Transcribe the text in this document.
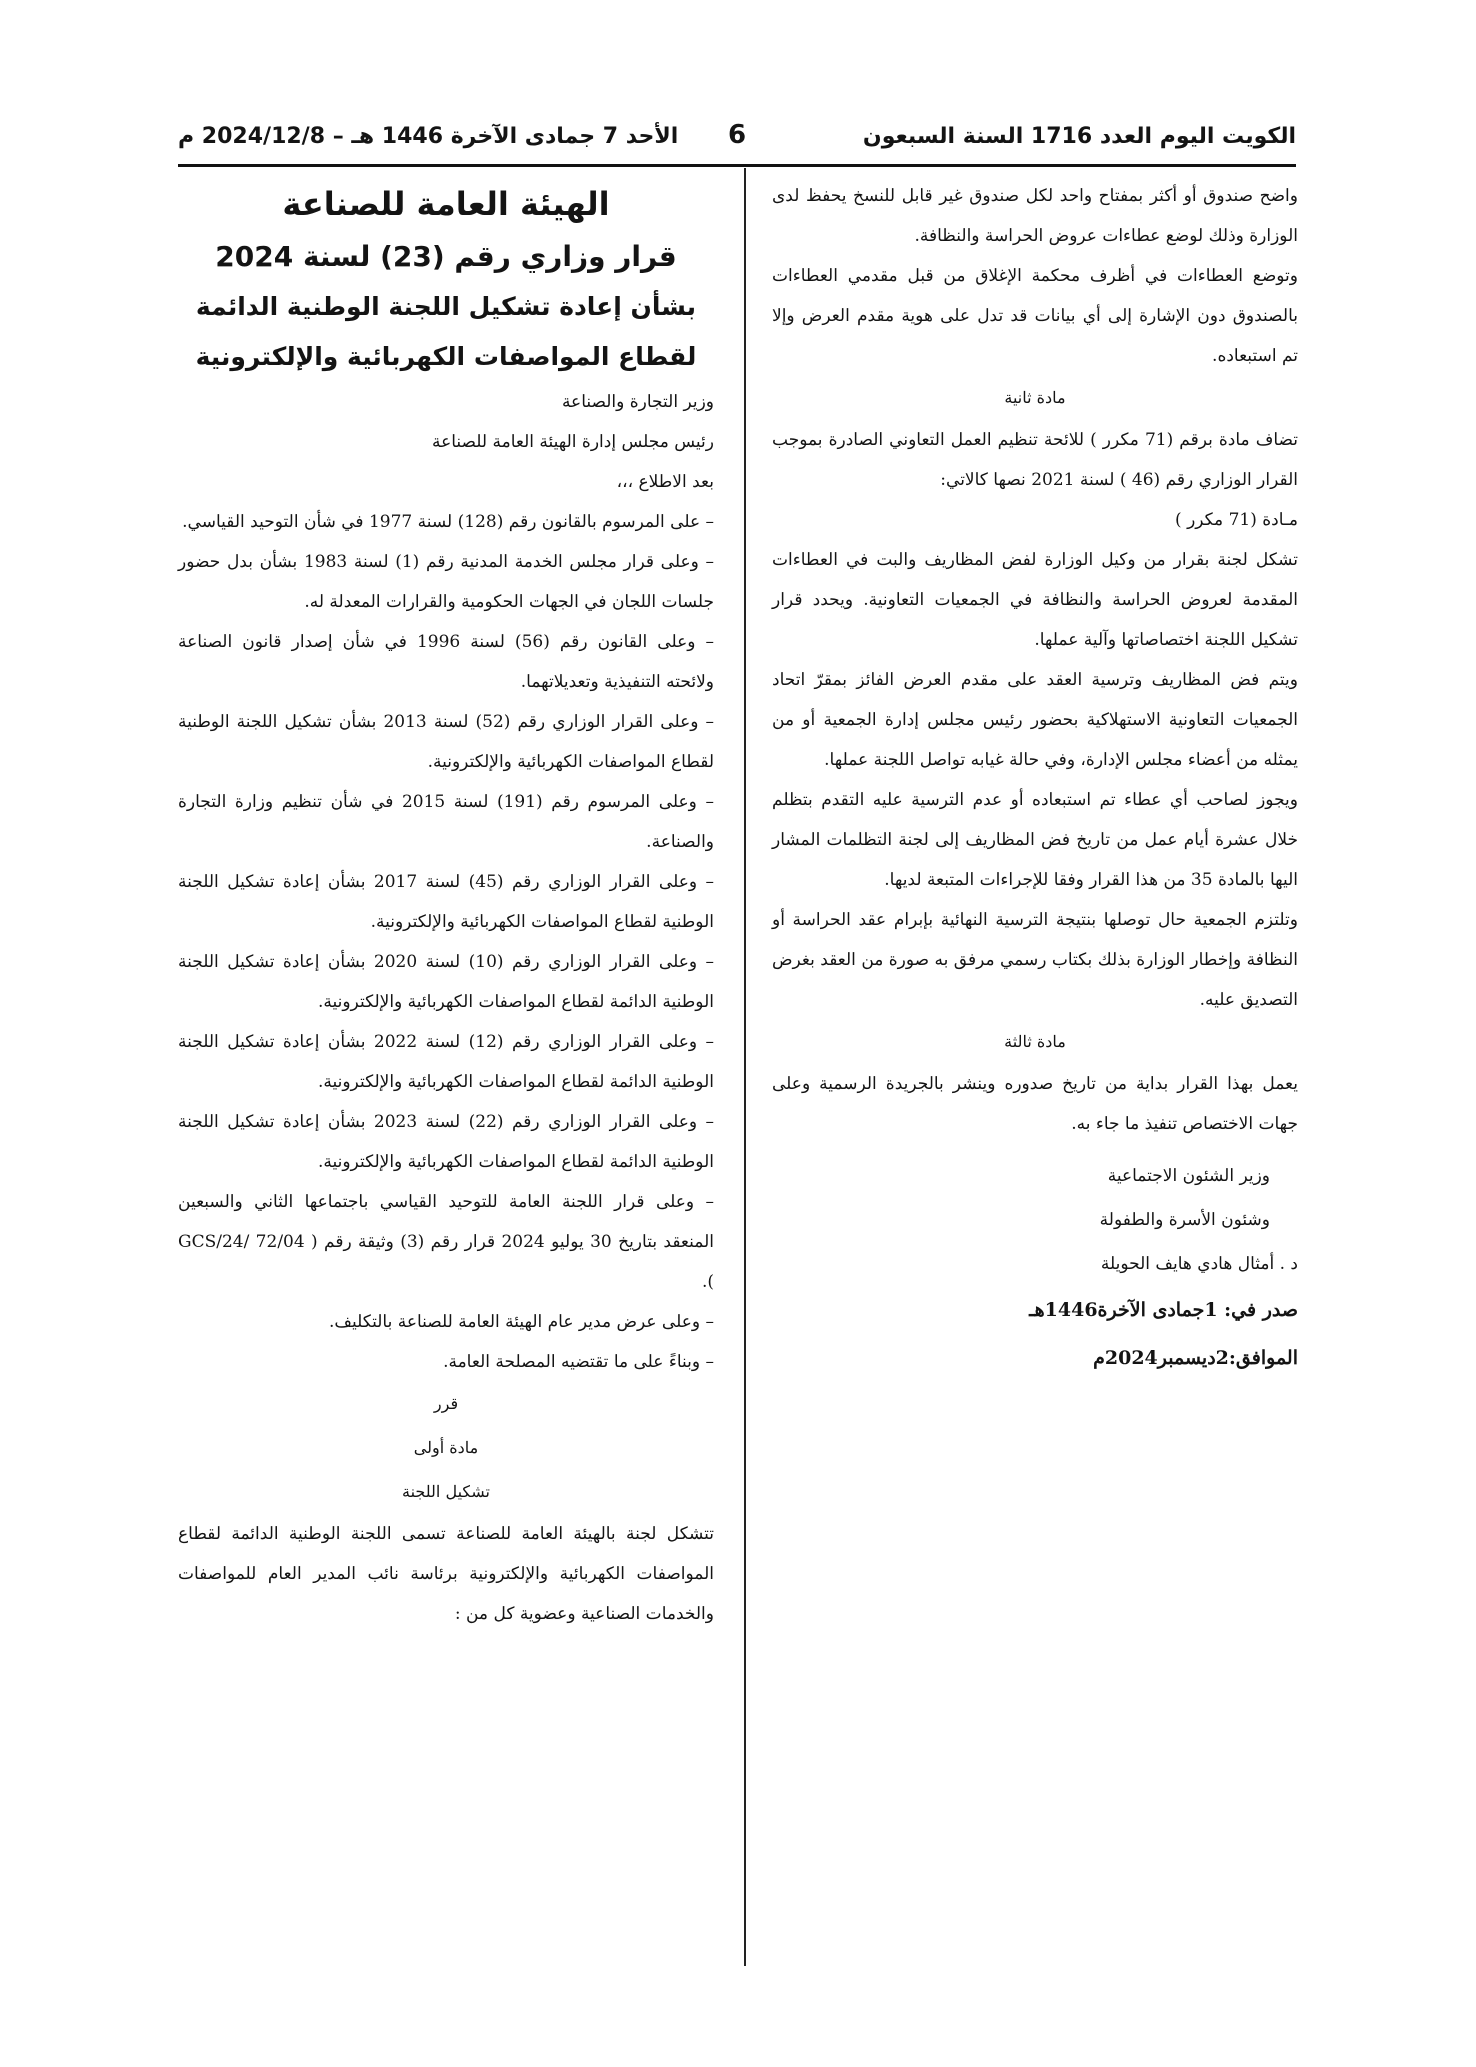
الكويت اليوم العدد 1716 السنة السبعون
6
الأحد 7 جمادى الآخرة 1446 هـ – 2024/12/8 م

واضح صندوق أو أكثر بمفتاح واحد لكل صندوق غير قابل للنسخ يحفظ لدى الوزارة وذلك لوضع عطاءات عروض الحراسة والنظافة.

وتوضع العطاءات في أظرف محكمة الإغلاق من قبل مقدمي العطاءات بالصندوق دون الإشارة إلى أي بيانات قد تدل على هوية مقدم العرض وإلا تم استبعاده.

مادة ثانية

تضاف مادة برقم (71 مكرر ) للائحة تنظيم العمل التعاوني الصادرة بموجب القرار الوزاري رقم (46 ) لسنة 2021 نصها كالاتي:

مـادة (71 مكرر )

تشكل لجنة بقرار من وكيل الوزارة لفض المظاريف والبت في العطاءات المقدمة لعروض الحراسة والنظافة في الجمعيات التعاونية. ويحدد قرار تشكيل اللجنة اختصاصاتها وآلية عملها.

ويتم فض المظاريف وترسية العقد على مقدم العرض الفائز بمقرّ اتحاد الجمعيات التعاونية الاستهلاكية بحضور رئيس مجلس إدارة الجمعية أو من يمثله من أعضاء مجلس الإدارة، وفي حالة غيابه تواصل اللجنة عملها.

ويجوز لصاحب أي عطاء تم استبعاده أو عدم الترسية عليه التقدم بتظلم خلال عشرة أيام عمل من تاريخ فض المظاريف إلى لجنة التظلمات المشار اليها بالمادة 35 من هذا القرار وفقا للإجراءات المتبعة لديها.

وتلتزم الجمعية حال توصلها بنتيجة الترسية النهائية بإبرام عقد الحراسة أو النظافة وإخطار الوزارة بذلك بكتاب رسمي مرفق به صورة من العقد بغرض التصديق عليه.

مادة ثالثة

يعمل بهذا القرار بداية من تاريخ صدوره وينشر بالجريدة الرسمية وعلى جهات الاختصاص تنفيذ ما جاء به.

وزير الشئون الاجتماعية

وشئون الأسرة والطفولة

د . أمثال هادي هايف الحويلة

صدر في: 1جمادى الآخرة1446هـ

الموافق:2ديسمبر2024م

الهيئة العامة للصناعة

قرار وزاري رقم (23) لسنة 2024

بشأن إعادة تشكيل اللجنة الوطنية الدائمة لقطاع المواصفات الكهربائية والإلكترونية

وزير التجارة والصناعة

رئيس مجلس إدارة الهيئة العامة للصناعة

بعد الاطلاع ،،،

– على المرسوم بالقانون رقم (128) لسنة 1977 في شأن التوحيد القياسي.

– وعلى قرار مجلس الخدمة المدنية رقم (1) لسنة 1983 بشأن بدل حضور جلسات اللجان في الجهات الحكومية والقرارات المعدلة له.

– وعلى القانون رقم (56) لسنة 1996 في شأن إصدار قانون الصناعة ولائحته التنفيذية وتعديلاتهما.

– وعلى القرار الوزاري رقم (52) لسنة 2013 بشأن تشكيل اللجنة الوطنية لقطاع المواصفات الكهربائية والإلكترونية.

– وعلى المرسوم رقم (191) لسنة 2015 في شأن تنظيم وزارة التجارة والصناعة.

– وعلى القرار الوزاري رقم (45) لسنة 2017 بشأن إعادة تشكيل اللجنة الوطنية لقطاع المواصفات الكهربائية والإلكترونية.

– وعلى القرار الوزاري رقم (10) لسنة 2020 بشأن إعادة تشكيل اللجنة الوطنية الدائمة لقطاع المواصفات الكهربائية والإلكترونية.

– وعلى القرار الوزاري رقم (12) لسنة 2022 بشأن إعادة تشكيل اللجنة الوطنية الدائمة لقطاع المواصفات الكهربائية والإلكترونية.

– وعلى القرار الوزاري رقم (22) لسنة 2023 بشأن إعادة تشكيل اللجنة الوطنية الدائمة لقطاع المواصفات الكهربائية والإلكترونية.

– وعلى قرار اللجنة العامة للتوحيد القياسي باجتماعها الثاني والسبعين المنعقد بتاريخ 30 يوليو 2024 قرار رقم (3) وثيقة رقم ( GCS/24/ 72/04 ).

– وعلى عرض مدير عام الهيئة العامة للصناعة بالتكليف.

– وبناءً على ما تقتضيه المصلحة العامة.

قرر

مادة أولى

تشكيل اللجنة

تتشكل لجنة بالهيئة العامة للصناعة تسمى اللجنة الوطنية الدائمة لقطاع المواصفات الكهربائية والإلكترونية برئاسة نائب المدير العام للمواصفات والخدمات الصناعية وعضوية كل من :
